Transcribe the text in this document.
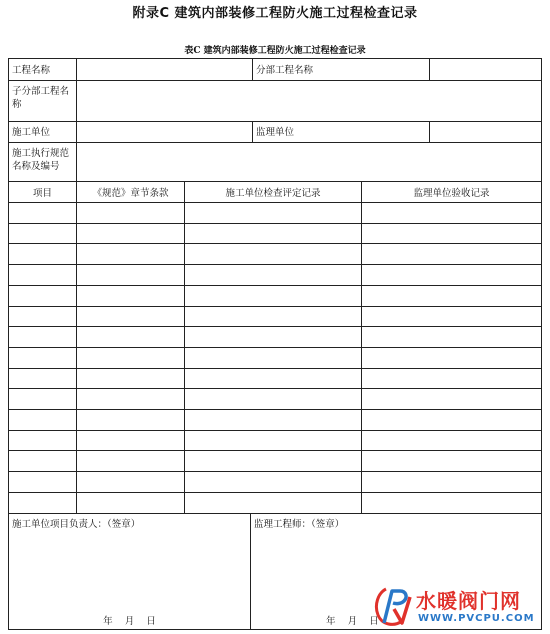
附录C 建筑内部装修工程防火施工过程检查记录
表C 建筑内部装修工程防火施工过程检查记录
工程名称	分部工程名称
子分部工程名称
施工单位	监理单位
施工执行规范名称及编号
项目	《规范》章节条款	施工单位检查评定记录	监理单位验收记录
施工单位项目负责人：（签章）
年    月    日
监理工程师：（签章）
年    月    日
水暖阀门网
WWW.PVCPU.COM
